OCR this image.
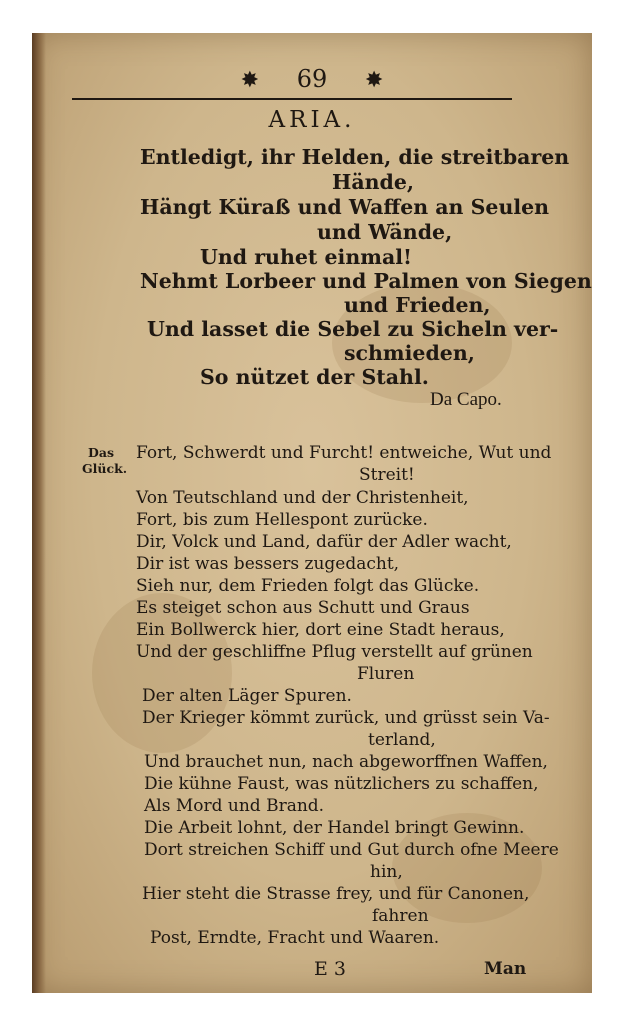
✸ 69 ✸
ARIA.
Entledigt, ihr Helden, die streitbaren
Hände,
Hängt Küraß und Waffen an Seulen
und Wände,
Und ruhet einmal!
Nehmt Lorbeer und Palmen von Siegen
und Frieden,
Und lasset die Sebel zu Sicheln ver-
schmieden,
So nützet der Stahl.
Da Capo.
Das
Glück.
Fort, Schwerdt und Furcht! entweiche, Wut und
Streit!
Von Teutschland und der Christenheit,
Fort, bis zum Hellespont zurücke.
Dir, Volck und Land, dafür der Adler wacht,
Dir ist was bessers zugedacht,
Sieh nur, dem Frieden folgt das Glücke.
Es steiget schon aus Schutt und Graus
Ein Bollwerck hier, dort eine Stadt heraus,
Und der geschliffne Pflug verstellt auf grünen
Fluren
Der alten Läger Spuren.
Der Krieger kömmt zurück, und grüsst sein Va-
terland,
Und brauchet nun, nach abgeworffnen Waffen,
Die kühne Faust, was nützlichers zu schaffen,
Als Mord und Brand.
Die Arbeit lohnt, der Handel bringt Gewinn.
Dort streichen Schiff und Gut durch ofne Meere
hin,
Hier steht die Strasse frey, und für Canonen,
fahren
Post, Erndte, Fracht und Waaren.
E 3	Man
